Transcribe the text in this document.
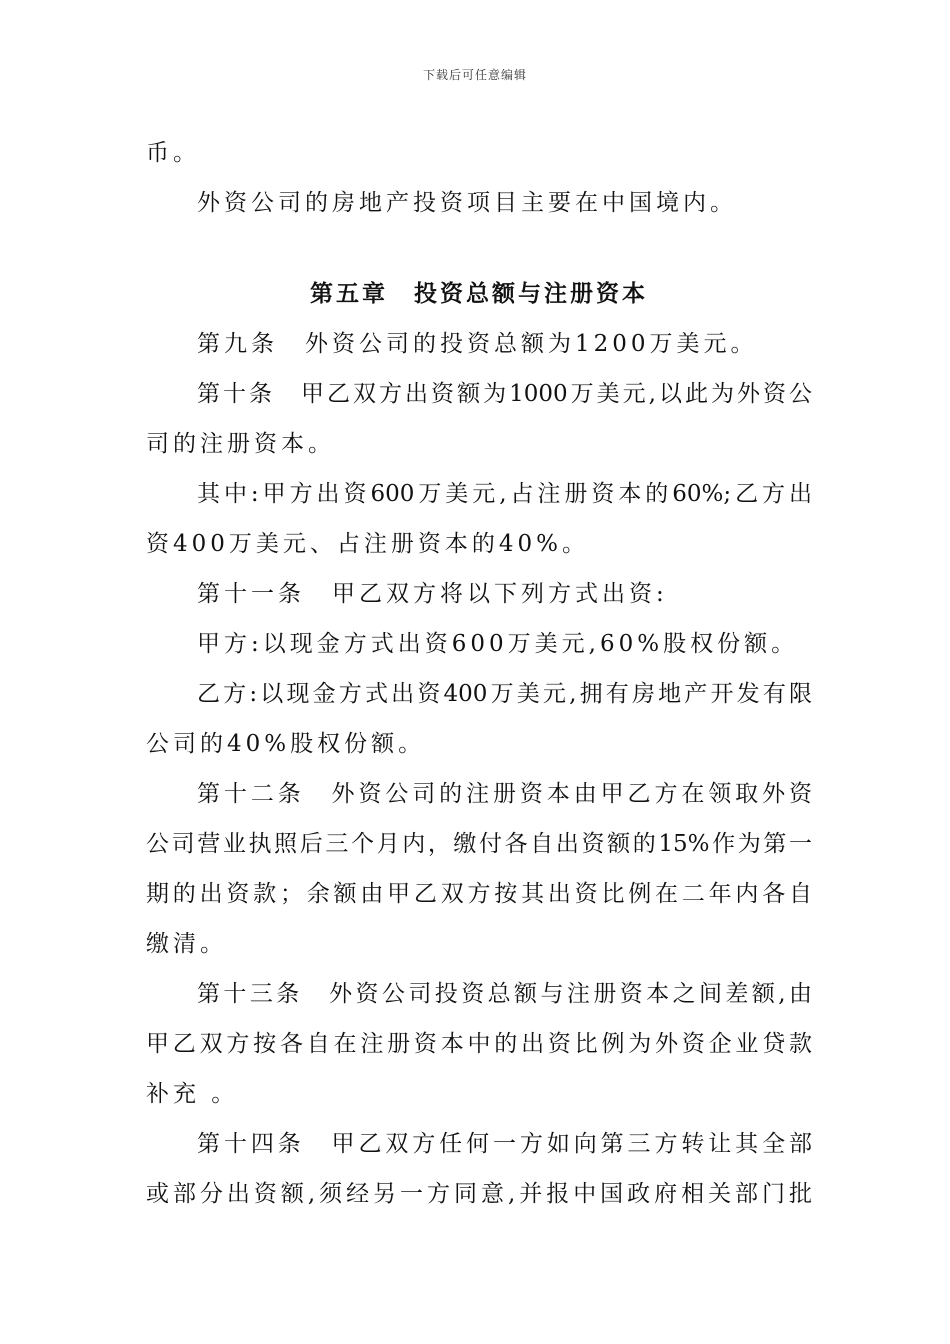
下载后可任意编辑
币。
外资公司的房地产投资项目主要在中国境内。
第五章　投资总额与注册资本
第九条　外资公司的投资总额为1200万美元。
第十条　甲乙双方出资额为1000万美元,以此为外资公
司的注册资本。
其中:甲方出资600万美元,占注册资本的60%;乙方出
资400万美元、占注册资本的40%。
第十一条　甲乙双方将以下列方式出资:
甲方:以现金方式出资600万美元,60%股权份额。
乙方:以现金方式出资400万美元,拥有房地产开发有限
公司的40%股权份额。
第十二条　外资公司的注册资本由甲乙方在领取外资
公司营业执照后三个月内，缴付各自出资额的15%作为第一
期的出资款；余额由甲乙双方按其出资比例在二年内各自
缴清。
第十三条　外资公司投资总额与注册资本之间差额,由
甲乙双方按各自在注册资本中的出资比例为外资企业贷款
补充 。
第十四条　甲乙双方任何一方如向第三方转让其全部
或部分出资额,须经另一方同意,并报中国政府相关部门批
